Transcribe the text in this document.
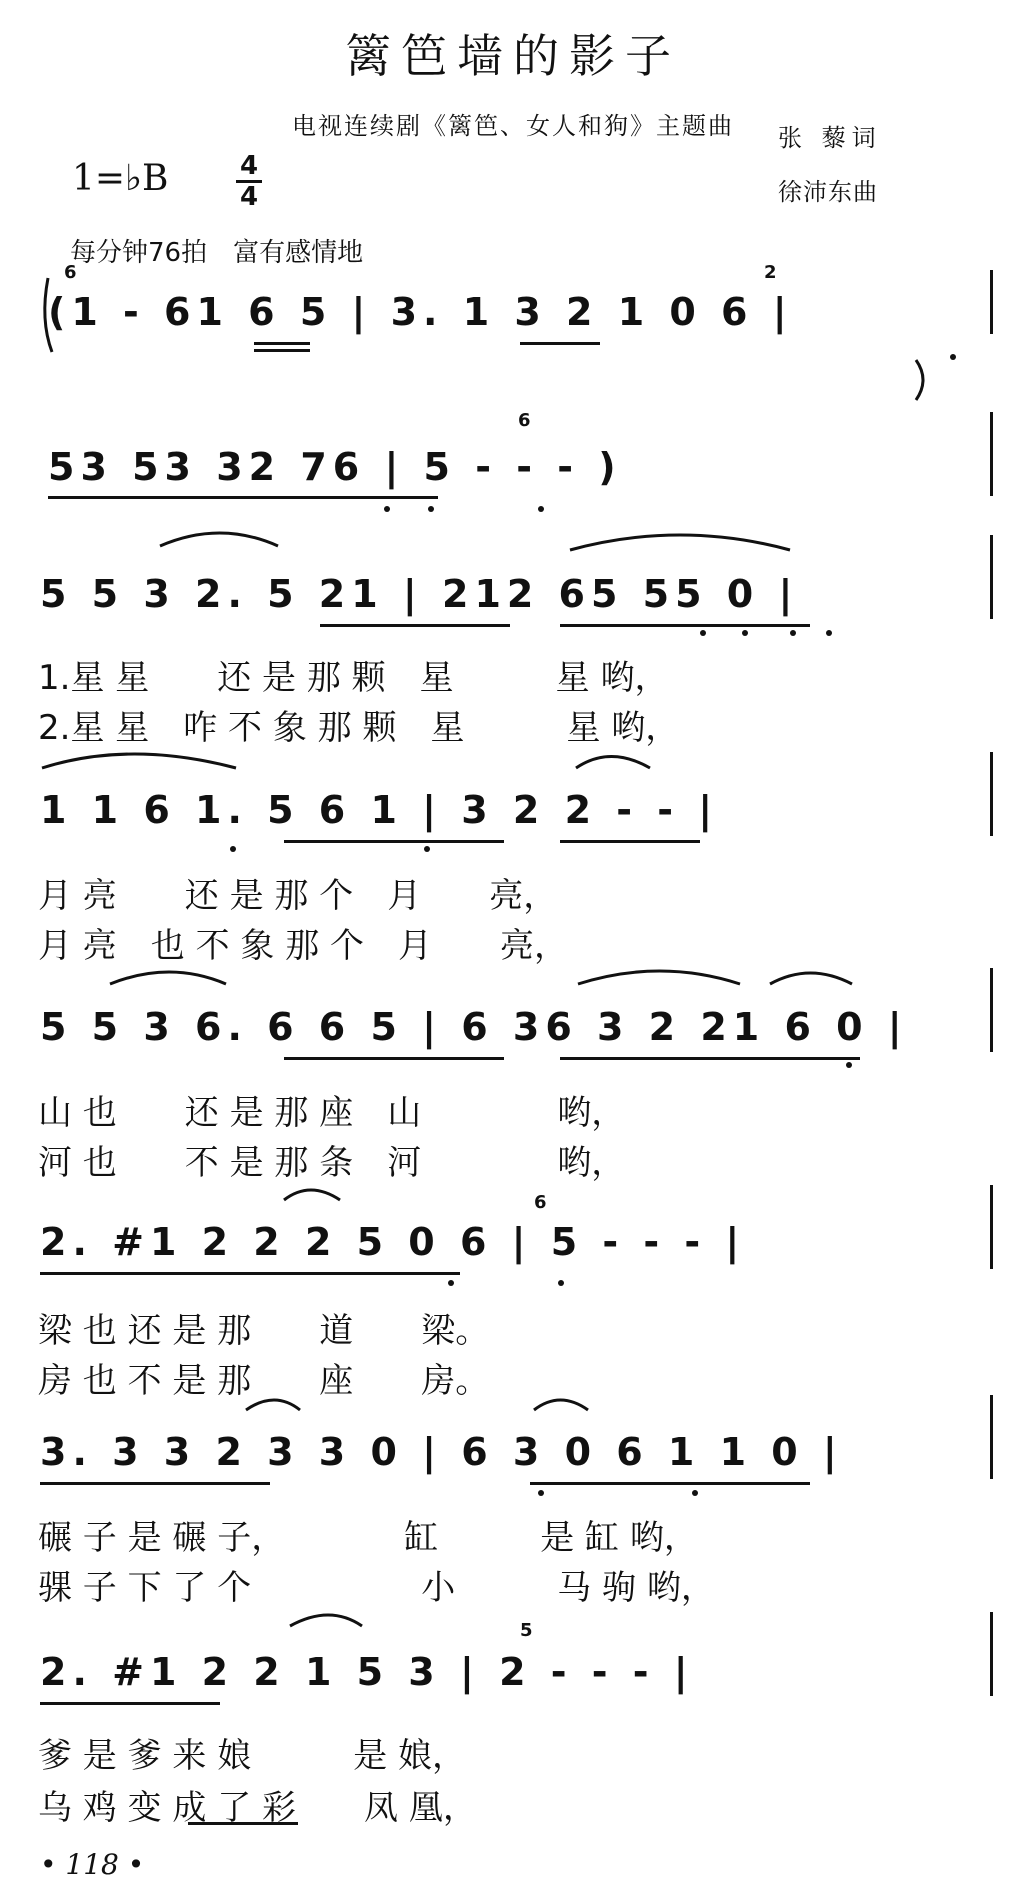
篱笆墙的影子
电视连续剧《篱笆、女人和狗》主题曲	张 藜词
徐沛东曲
1=♭B	4
4
每分钟76拍　富有感情地
6	2
(1 - 61 6 5 | 3. 1 3 2 1 0 6 |
6
53 53 32 76 | 5 - - - )
5 5 3 2. 5 21 | 212 65 55 0 |
1.星 星　　还 是 那 颗　星　　　星 哟，
2.星 星　咋 不 象 那 颗　星　　　星 哟，
1 1 6 1. 5 6 1 | 3 2 2 - - |
月 亮　　还 是 那 个　月　　亮，
月 亮　也 不 象 那 个　月　　亮，
5 5 3 6. 6 6 5 | 6 36 3 2 21 6 0 |
山 也　　还 是 那 座　山　　　　哟，
河 也　　不 是 那 条　河　　　　哟，
6
2. #1 2 2 2 5 0 6 | 5 - - - |
梁 也 还 是 那　　道　　梁。
房 也 不 是 那　　座　　房。
3. 3 3 2 3 3 0 | 6 3 0 6 1 1 0 |
碾 子 是 碾 子，　　　　缸　　　是 缸 哟，
骒 子 下 了 个　　　　　小　　　马 驹 哟，
5
2. #1 2 2 1 5 3 | 2 - - - |
爹 是 爹 来 娘　　　是 娘，
乌 鸡 变 成 了 彩　　凤 凰，
• 118 •
